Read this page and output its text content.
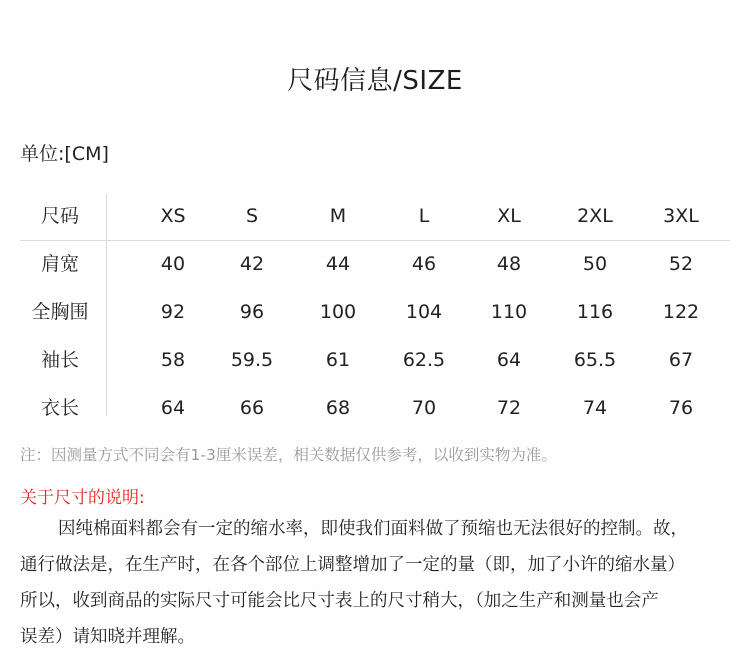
尺码信息/SIZE
单位:[CM]
尺码	XS	S	M	L	XL	2XL	3XL
肩宽	40	42	44	46	48	50	52
全胸围	92	96	100	104	110	116	122
袖长	58	59.5	61	62.5	64	65.5	67
衣长	64	66	68	70	72	74	76
注：因测量方式不同会有1-3厘米误差，相关数据仅供参考，以收到实物为准。
关于尺寸的说明:
因纯棉面料都会有一定的缩水率，即使我们面料做了预缩也无法很好的控制。故，
通行做法是，在生产时，在各个部位上调整增加了一定的量（即，加了小许的缩水量）
所以，收到商品的实际尺寸可能会比尺寸表上的尺寸稍大，（加之生产和测量也会产
误差）请知晓并理解。
